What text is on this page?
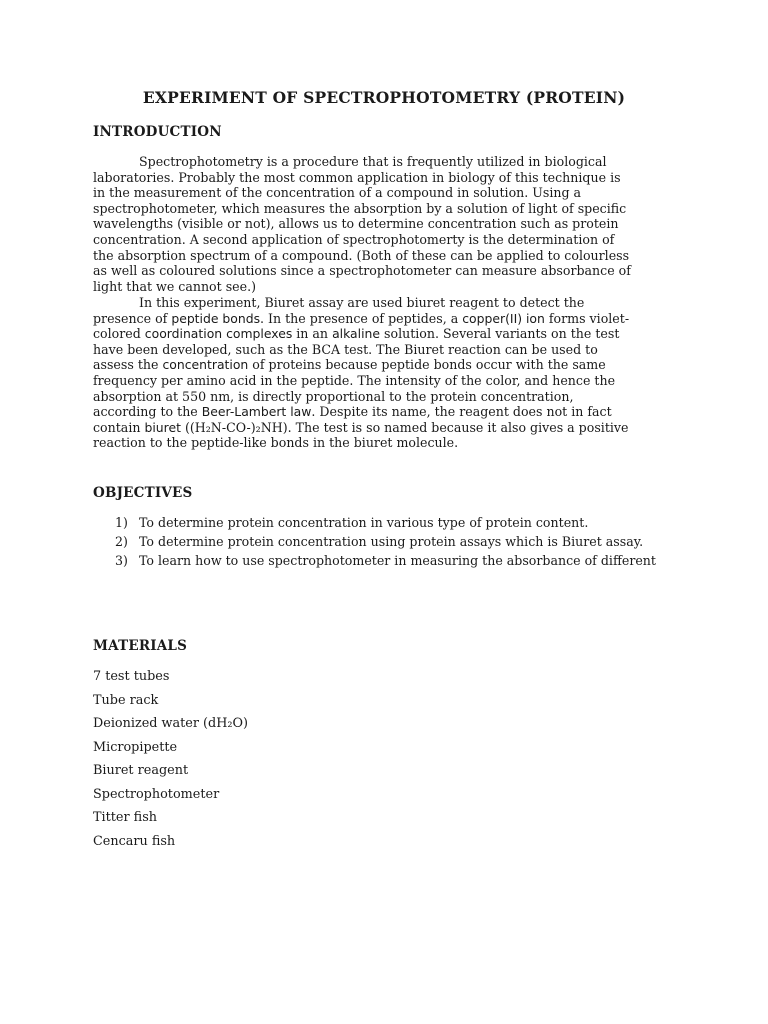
EXPERIMENT OF SPECTROPHOTOMETRY (PROTEIN)
INTRODUCTION
Spectrophotometry is a procedure that is frequently utilized in biological
laboratories. Probably the most common application in biology of this technique is
in the measurement of the concentration of a compound in solution. Using a
spectrophotometer, which measures the absorption by a solution of light of specific
wavelengths (visible or not), allows us to determine concentration such as protein
concentration. A second application of spectrophotomerty is the determination of
the absorption spectrum of a compound. (Both of these can be applied to colourless
as well as coloured solutions since a spectrophotometer can measure absorbance of
light that we cannot see.)
In this experiment, Biuret assay are used biuret reagent to detect the
presence of peptide bonds. In the presence of peptides, a copper(II) ion forms violet-
colored coordination complexes in an alkaline solution. Several variants on the test
have been developed, such as the BCA test. The Biuret reaction can be used to
assess the concentration of proteins because peptide bonds occur with the same
frequency per amino acid in the peptide. The intensity of the color, and hence the
absorption at 550 nm, is directly proportional to the protein concentration,
according to the Beer-Lambert law. Despite its name, the reagent does not in fact
contain biuret ((H₂N-CO-)₂NH). The test is so named because it also gives a positive
reaction to the peptide-like bonds in the biuret molecule.
OBJECTIVES
1) To determine protein concentration in various type of protein content.
2) To determine protein concentration using protein assays which is Biuret assay.
3) To learn how to use spectrophotometer in measuring the absorbance of different
MATERIALS
7 test tubes
Tube rack
Deionized water (dH₂O)
Micropipette
Biuret reagent
Spectrophotometer
Titter fish
Cencaru fish
